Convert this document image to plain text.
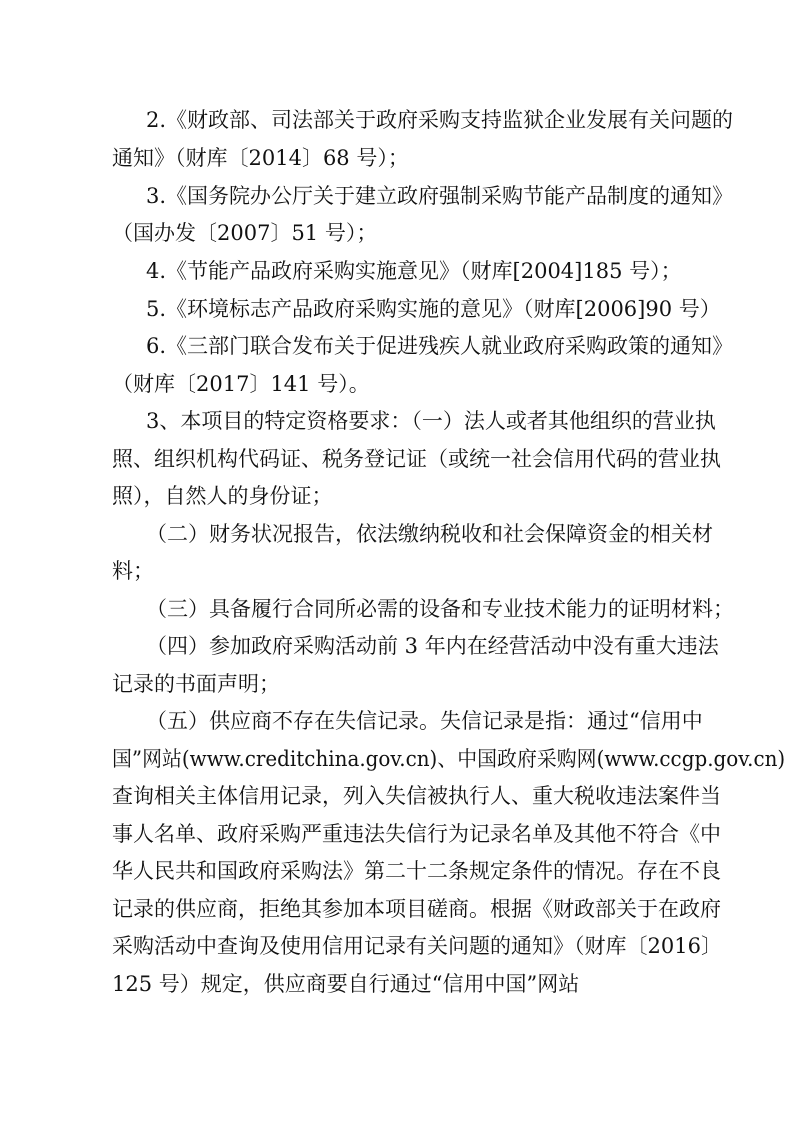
2.《财政部、司法部关于政府采购支持监狱企业发展有关问题的
通知》（财库〔2014〕68 号）；
3.《国务院办公厅关于建立政府强制采购节能产品制度的通知》
（国办发〔2007〕51 号）；
4.《节能产品政府采购实施意见》（财库[2004]185 号）；
5.《环境标志产品政府采购实施的意见》（财库[2006]90 号）
6.《三部门联合发布关于促进残疾人就业政府采购政策的通知》
（财库〔2017〕141 号）。
3、本项目的特定资格要求：（一）法人或者其他组织的营业执
照、组织机构代码证、税务登记证（或统一社会信用代码的营业执
照），自然人的身份证；
（二）财务状况报告，依法缴纳税收和社会保障资金的相关材
料；
（三）具备履行合同所必需的设备和专业技术能力的证明材料；
（四）参加政府采购活动前 3 年内在经营活动中没有重大违法
记录的书面声明；
（五）供应商不存在失信记录。失信记录是指：通过“信用中
国”网站(www.creditchina.gov.cn)、中国政府采购网(www.ccgp.gov.cn)
查询相关主体信用记录，列入失信被执行人、重大税收违法案件当
事人名单、政府采购严重违法失信行为记录名单及其他不符合《中
华人民共和国政府采购法》第二十二条规定条件的情况。存在不良
记录的供应商，拒绝其参加本项目磋商。根据《财政部关于在政府
采购活动中查询及使用信用记录有关问题的通知》（财库〔2016〕
125 号）规定，供应商要自行通过“信用中国”网站
